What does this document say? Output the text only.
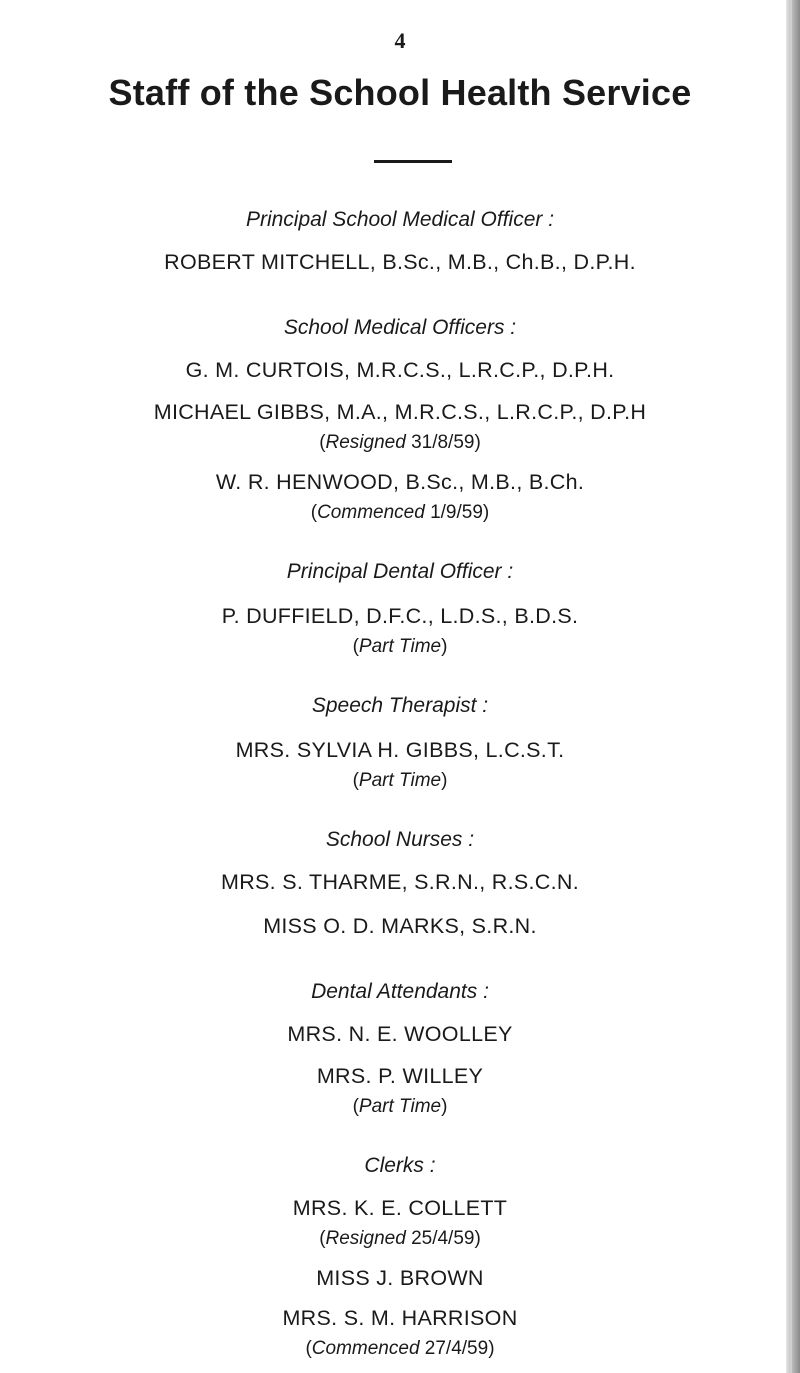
4
Staff of the School Health Service
Principal School Medical Officer :
ROBERT MITCHELL, B.Sc., M.B., Ch.B., D.P.H.
School Medical Officers :
G. M. CURTOIS, M.R.C.S., L.R.C.P., D.P.H.
MICHAEL GIBBS, M.A., M.R.C.S., L.R.C.P., D.P.H
(Resigned 31/8/59)
W. R. HENWOOD, B.Sc., M.B., B.Ch.
(Commenced 1/9/59)
Principal Dental Officer :
P. DUFFIELD, D.F.C., L.D.S., B.D.S.
(Part Time)
Speech Therapist :
MRS. SYLVIA H. GIBBS, L.C.S.T.
(Part Time)
School Nurses :
MRS. S. THARME, S.R.N., R.S.C.N.
MISS O. D. MARKS, S.R.N.
Dental Attendants :
MRS. N. E. WOOLLEY
MRS. P. WILLEY
(Part Time)
Clerks :
MRS. K. E. COLLETT
(Resigned 25/4/59)
MISS J. BROWN
MRS. S. M. HARRISON
(Commenced 27/4/59)
